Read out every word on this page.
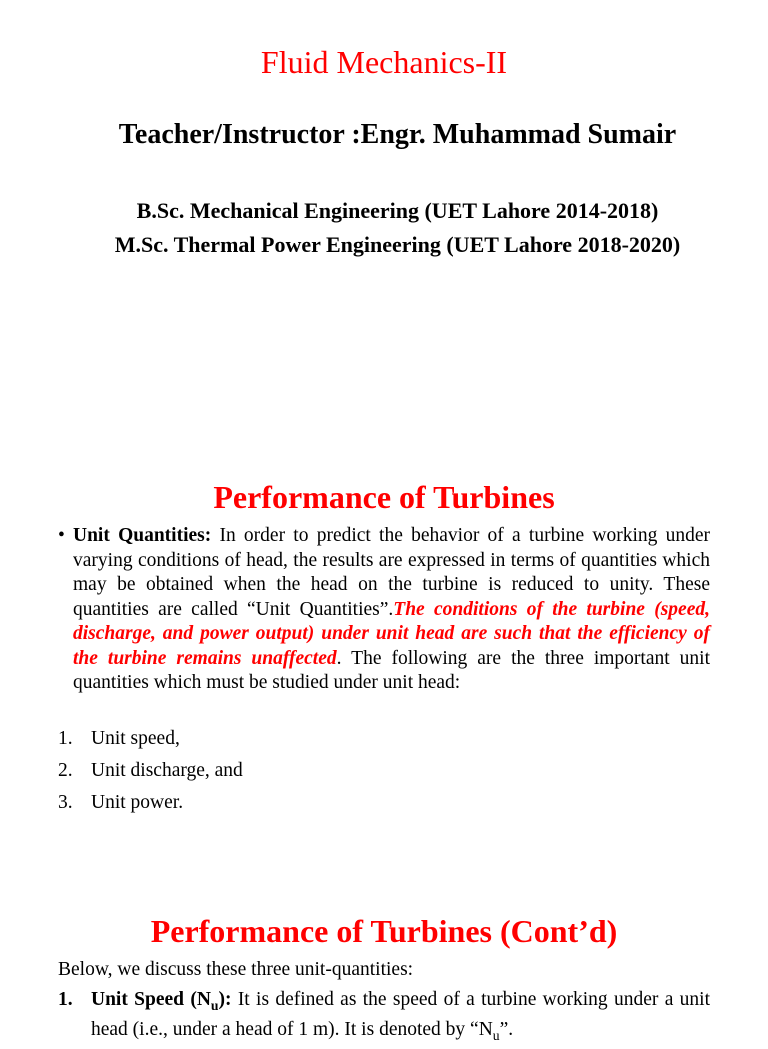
Fluid Mechanics-II
Teacher/Instructor :Engr. Muhammad Sumair
B.Sc. Mechanical Engineering (UET Lahore 2014-2018)
M.Sc. Thermal Power Engineering (UET Lahore 2018-2020)
Performance of Turbines
• Unit Quantities: In order to predict the behavior of a turbine working under varying conditions of head, the results are expressed in terms of quantities which may be obtained when the head on the turbine is reduced to unity. These quantities are called “Unit Quantities”.The conditions of the turbine (speed, discharge, and power output) under unit head are such that the efficiency of the turbine remains unaffected. The following are the three important unit quantities which must be studied under unit head:
1. Unit speed,
2. Unit discharge, and
3. Unit power.
Performance of Turbines (Cont’d)
Below, we discuss these three unit-quantities:
1. Unit Speed $(N_u)$: It is defined as the speed of a turbine working under a unit head (i.e., under a head of 1 m). It is denoted by “$N_u$”.
